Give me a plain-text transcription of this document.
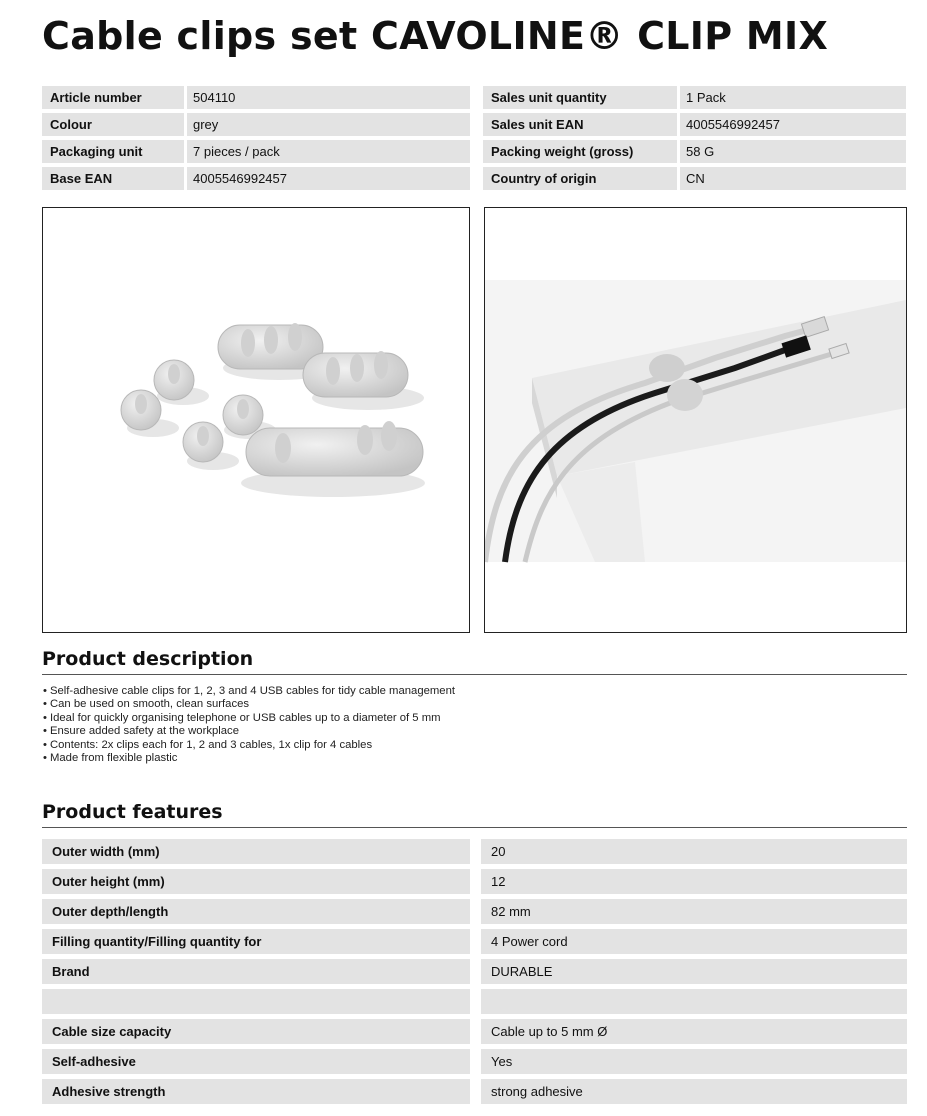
Cable clips set CAVOLINE® CLIP MIX
Article number	504110
Colour	grey
Packaging unit	7 pieces / pack
Base EAN	4005546992457
Sales unit quantity	1 Pack
Sales unit EAN	4005546992457
Packing weight (gross)	58 G
Country of origin	CN
Product description
• Self-adhesive cable clips for 1, 2, 3 and 4 USB cables for tidy cable management
• Can be used on smooth, clean surfaces
• Ideal for quickly organising telephone or USB cables up to a diameter of 5 mm
• Ensure added safety at the workplace
• Contents: 2x clips each for 1, 2 and 3 cables, 1x clip for 4 cables
• Made from flexible plastic
Product features
Outer width (mm)	20
Outer height (mm)	12
Outer depth/length	82 mm
Filling quantity/Filling quantity for	4 Power cord
Brand	DURABLE
Cable size capacity	Cable up to 5 mm Ø
Self-adhesive	Yes
Adhesive strength	strong adhesive
